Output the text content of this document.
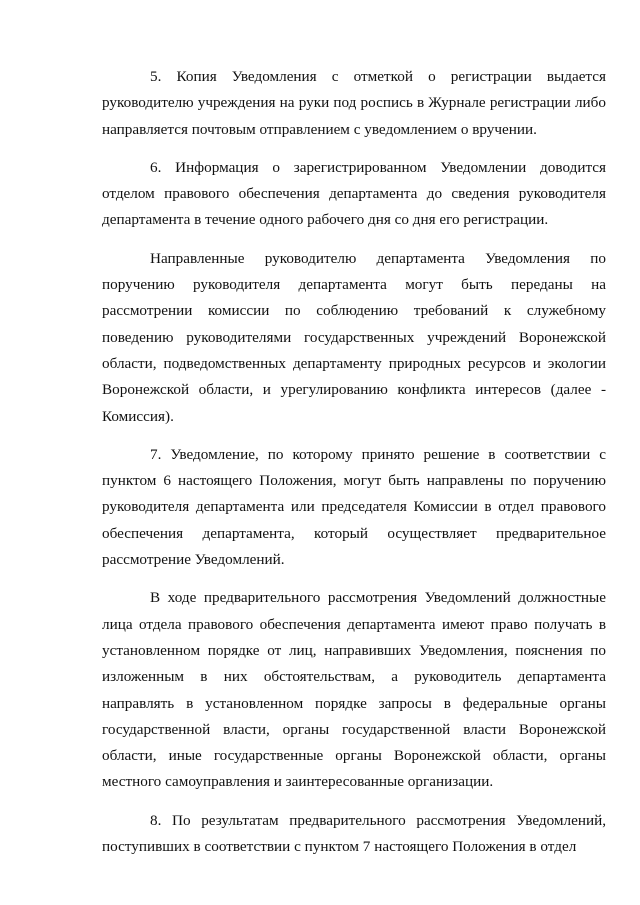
5. Копия Уведомления с отметкой о регистрации выдается руководителю учреждения на руки под роспись в Журнале регистрации либо направляется почтовым отправлением с уведомлением о вручении.

6. Информация о зарегистрированном Уведомлении доводится отделом правового обеспечения департамента до сведения руководителя департамента в течение одного рабочего дня со дня его регистрации.

Направленные руководителю департамента Уведомления по поручению руководителя департамента могут быть переданы на рассмотрении комиссии по соблюдению требований к служебному поведению руководителями государственных учреждений Воронежской области, подведомственных департаменту природных ресурсов и экологии Воронежской области, и урегулированию конфликта интересов (далее - Комиссия).

7. Уведомление, по которому принято решение в соответствии с пунктом 6 настоящего Положения, могут быть направлены по поручению руководителя департамента или председателя Комиссии в отдел правового обеспечения департамента, который осуществляет предварительное рассмотрение Уведомлений.

В ходе предварительного рассмотрения Уведомлений должностные лица отдела правового обеспечения департамента имеют право получать в установленном порядке от лиц, направивших Уведомления, пояснения по изложенным в них обстоятельствам, а руководитель департамента направлять в установленном порядке запросы в федеральные органы государственной власти, органы государственной власти Воронежской области, иные государственные органы Воронежской области, органы местного самоуправления и заинтересованные организации.

8. По результатам предварительного рассмотрения Уведомлений, поступивших в соответствии с пунктом 7 настоящего Положения в отдел
